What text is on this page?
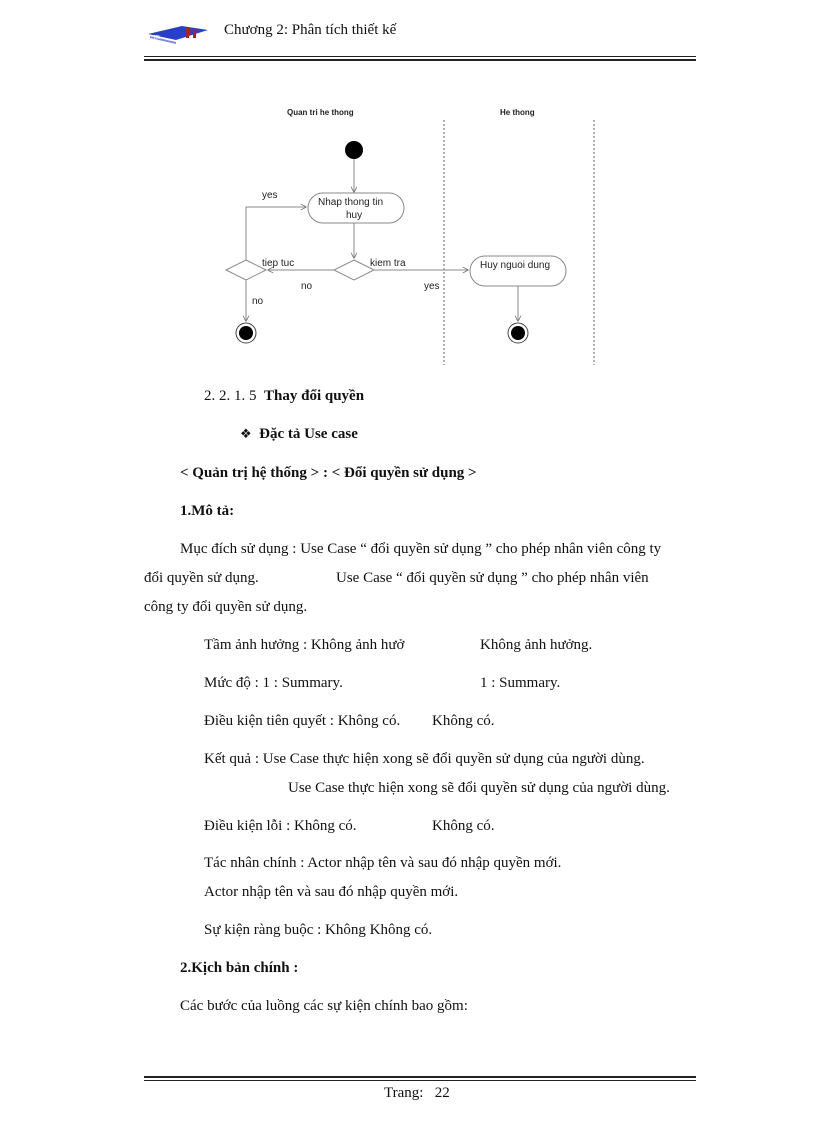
m	Chương 2: Phân tích thiết kế
Quan tri he thong	He thong
Nhap thong tin
huy
kiem tra
no
tiep tuc
yes
no
yes
Huy nguoi dung
2. 2. 1. 5 Thay đổi quyền
❖ Đặc tả Use case
< Quản trị hệ thống > : < Đổi quyền sử dụng >
1.Mô tả:
Mục đích sử dụng : Use Case “ đổi quyền sử dụng ” cho phép nhân viên công ty
đổi quyền sử dụng.	Use Case “ đổi quyền sử dụng ” cho phép nhân viên
công ty đổi quyền sử dụng.
Tầm ảnh hưởng : Không ảnh hưở	Không ảnh hưởng.
Mức độ : 1 : Summary.	1 : Summary.
Điều kiện tiên quyết : Không có. Không có.
Kết quả : Use Case thực hiện xong sẽ đổi quyền sử dụng của người dùng.
Use Case thực hiện xong sẽ đổi quyền sử dụng của người dùng.
Điều kiện lỗi : Không có.	Không có.
Tác nhân chính : Actor nhập tên và sau đó nhập quyền mới.
Actor nhập tên và sau đó nhập quyền mới.
Sự kiện ràng buộc : Không Không có.
2.Kịch bản chính :
Các bước của luồng các sự kiện chính bao gồm:
Trang: 22
